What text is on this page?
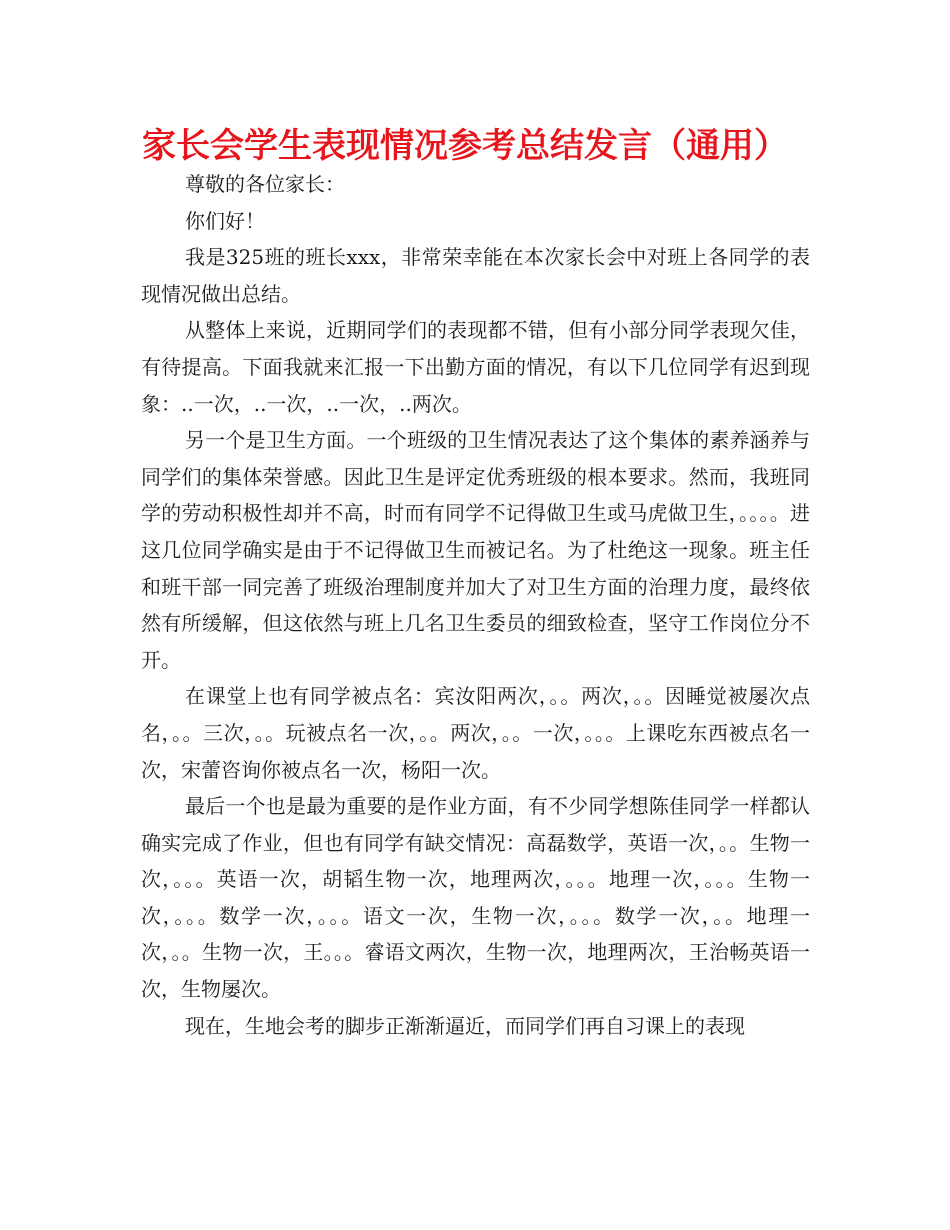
家长会学生表现情况参考总结发言（通用）

尊敬的各位家长：

你们好！

我是325班的班长xxx，非常荣幸能在本次家长会中对班上各同学的表现情况做出总结。

从整体上来说，近期同学们的表现都不错，但有小部分同学表现欠佳，有待提高。下面我就来汇报一下出勤方面的情况，有以下几位同学有迟到现象：..一次，..一次，..一次，..两次。

另一个是卫生方面。一个班级的卫生情况表达了这个集体的素养涵养与同学们的集体荣誉感。因此卫生是评定优秀班级的根本要求。然而，我班同学的劳动积极性却并不高，时而有同学不记得做卫生或马虎做卫生，。。。。进这几位同学确实是由于不记得做卫生而被记名。为了杜绝这一现象。班主任和班干部一同完善了班级治理制度并加大了对卫生方面的治理力度，最终依然有所缓解，但这依然与班上几名卫生委员的细致检查，坚守工作岗位分不开。

在课堂上也有同学被点名：宾汝阳两次，。。两次，。。因睡觉被屡次点名，。。三次，。。玩被点名一次，。。两次，。。一次，。。。上课吃东西被点名一次，宋蕾咨询你被点名一次，杨阳一次。

最后一个也是最为重要的是作业方面，有不少同学想陈佳同学一样都认确实完成了作业，但也有同学有缺交情况：高磊数学，英语一次，。。生物一次，。。。英语一次，胡韬生物一次，地理两次，。。。地理一次，。。。生物一次，。。。数学一次，。。。语文一次，生物一次，。。。数学一次，。。地理一次，。。生物一次，王。。。睿语文两次，生物一次，地理两次，王治畅英语一次，生物屡次。

现在，生地会考的脚步正渐渐逼近，而同学们再自习课上的表现
